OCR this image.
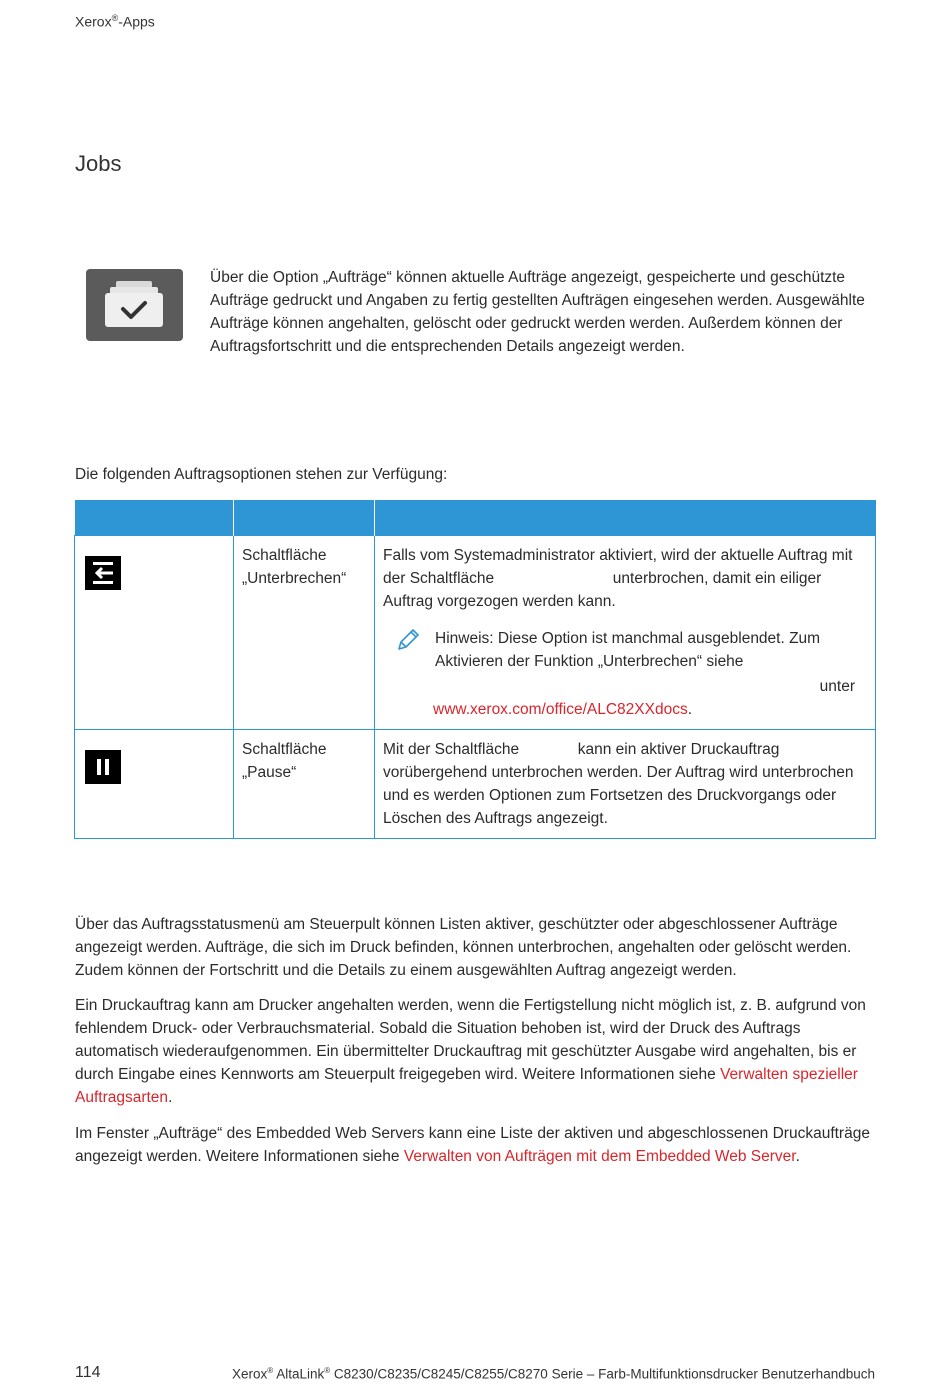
Xerox®-Apps
Jobs
Über die Option „Aufträge“ können aktuelle Aufträge angezeigt, gespeicherte und geschützte Aufträge gedruckt und Angaben zu fertig gestellten Aufträgen eingesehen werden. Ausgewählte Aufträge können angehalten, gelöscht oder gedruckt werden werden. Außerdem können der Auftragsfortschritt und die entsprechenden Details angezeigt werden.
Die folgenden Auftragsoptionen stehen zur Verfügung:

	Schaltfläche „Unterbrechen“	Falls vom Systemadministrator aktiviert, wird der aktuelle Auftrag mit der Schaltfläche unterbrochen, damit ein eiliger Auftrag vorgezogen werden kann.
Hinweis: Diese Option ist manchmal ausgeblendet. Zum Aktivieren der Funktion „Unterbrechen“ siehe
unter
www.xerox.com/office/ALC82XXdocs.

	Schaltfläche „Pause“	Mit der Schaltfläche kann ein aktiver Druckauftrag vorübergehend unterbrochen werden. Der Auftrag wird unterbrochen und es werden Optionen zum Fortsetzen des Druckvorgangs oder Löschen des Auftrags angezeigt.
Über das Auftragsstatusmenü am Steuerpult können Listen aktiver, geschützter oder abgeschlossener Aufträge angezeigt werden. Aufträge, die sich im Druck befinden, können unterbrochen, angehalten oder gelöscht werden. Zudem können der Fortschritt und die Details zu einem ausgewählten Auftrag angezeigt werden.
Ein Druckauftrag kann am Drucker angehalten werden, wenn die Fertigstellung nicht möglich ist, z. B. aufgrund von fehlendem Druck- oder Verbrauchsmaterial. Sobald die Situation behoben ist, wird der Druck des Auftrags automatisch wiederaufgenommen. Ein übermittelter Druckauftrag mit geschützter Ausgabe wird angehalten, bis er durch Eingabe eines Kennworts am Steuerpult freigegeben wird. Weitere Informationen siehe Verwalten spezieller Auftragsarten.
Im Fenster „Aufträge“ des Embedded Web Servers kann eine Liste der aktiven und abgeschlossenen Druckaufträge angezeigt werden. Weitere Informationen siehe Verwalten von Aufträgen mit dem Embedded Web Server.
114	Xerox® AltaLink® C8230/C8235/C8245/C8255/C8270 Serie – Farb-Multifunktionsdrucker Benutzerhandbuch
